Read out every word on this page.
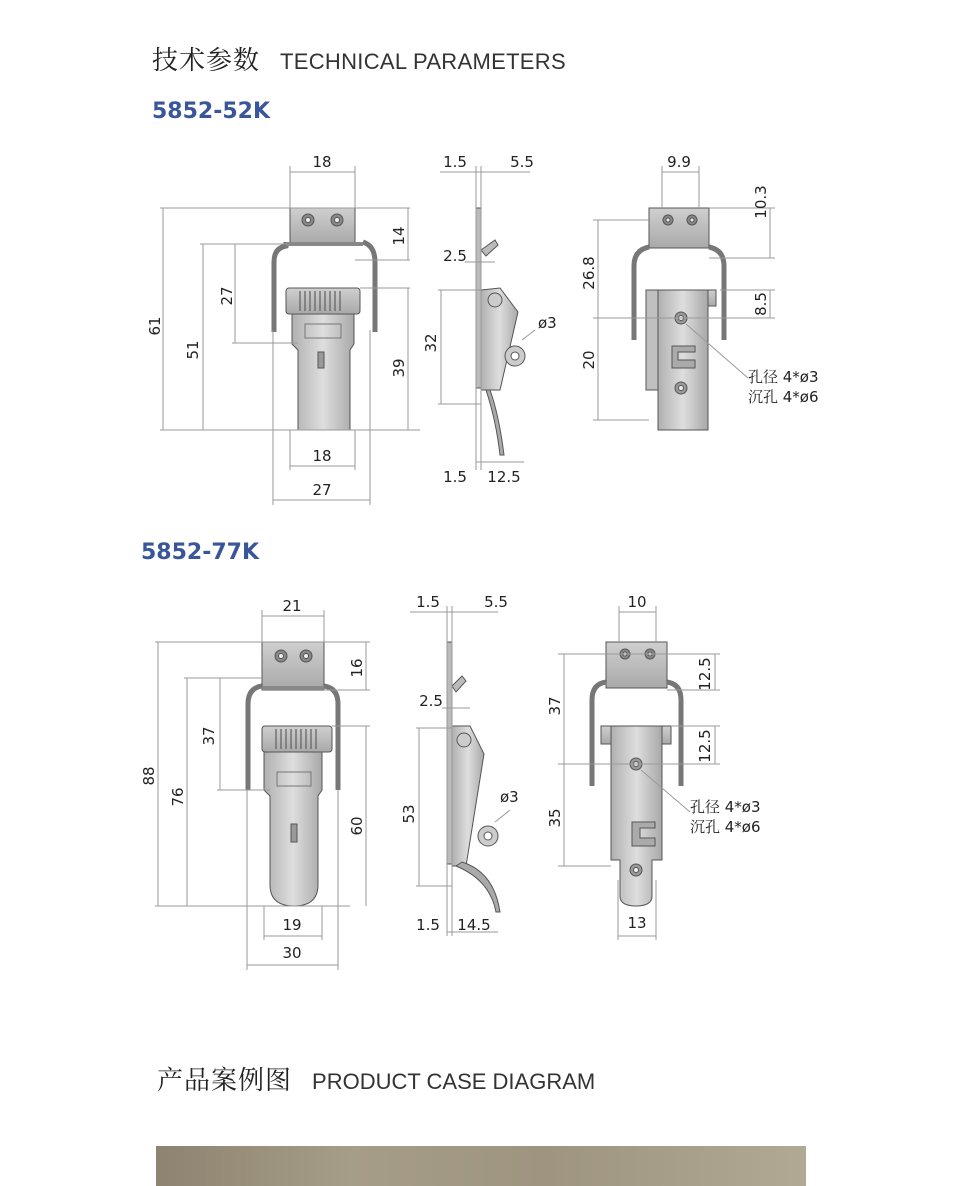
技术参数 TECHNICAL PARAMETERS
5852-52K
5852-77K
18
14
61
51
27
39
18
27
1.5	5.5
2.5
32
ø3
1.5 12.5
9.9
10.3
26.8
8.5
20
孔径 4*ø3
沉孔 4*ø6
21
16
88
76
37
60
19
30
1.5	5.5
2.5
53
ø3
1.5 14.5
10
12.5
37
12.5
35
13
孔径 4*ø3
沉孔 4*ø6
产品案例图 PRODUCT CASE DIAGRAM
